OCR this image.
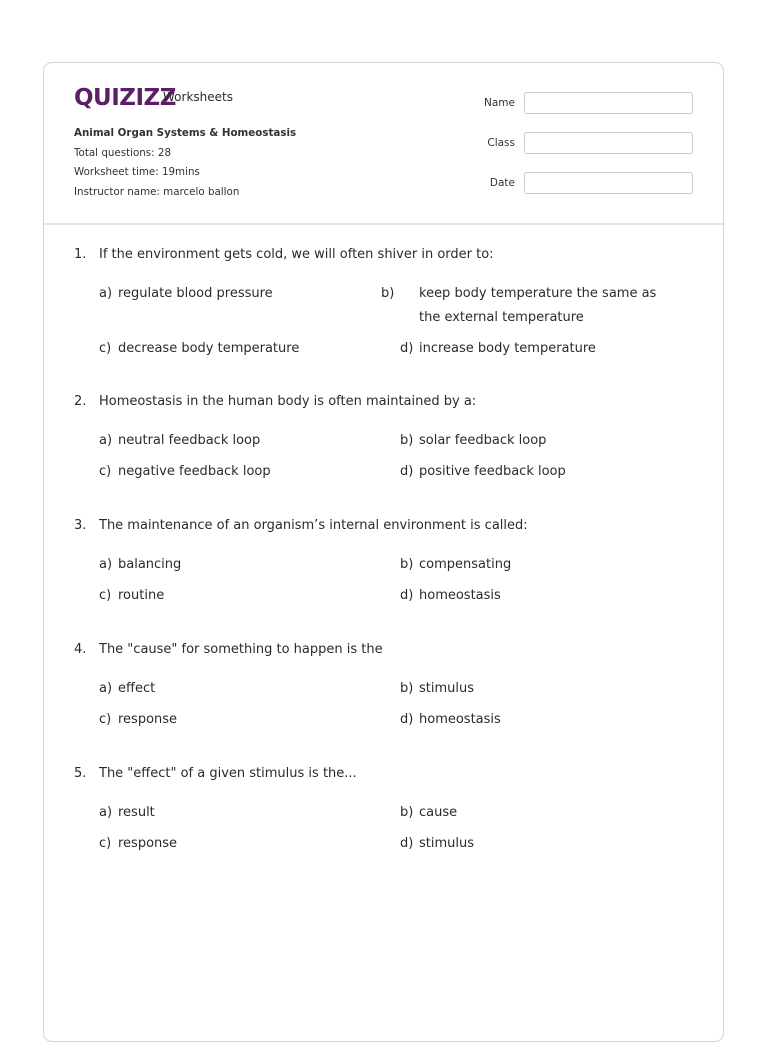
QUIZIZZ
Worksheets
Animal Organ Systems & Homeostasis
Total questions: 28
Worksheet time: 19mins
Instructor name: marcelo ballon
Name
Class
Date
1. If the environment gets cold, we will often shiver in order to:
a) regulate blood pressure	b) keep body temperature the same as the external temperature
c) decrease body temperature	d) increase body temperature
2. Homeostasis in the human body is often maintained by a:
a) neutral feedback loop	b) solar feedback loop
c) negative feedback loop	d) positive feedback loop
3. The maintenance of an organism’s internal environment is called:
a) balancing	b) compensating
c) routine	d) homeostasis
4. The "cause" for something to happen is the
a) effect	b) stimulus
c) response	d) homeostasis
5. The "effect" of a given stimulus is the...
a) result	b) cause
c) response	d) stimulus
